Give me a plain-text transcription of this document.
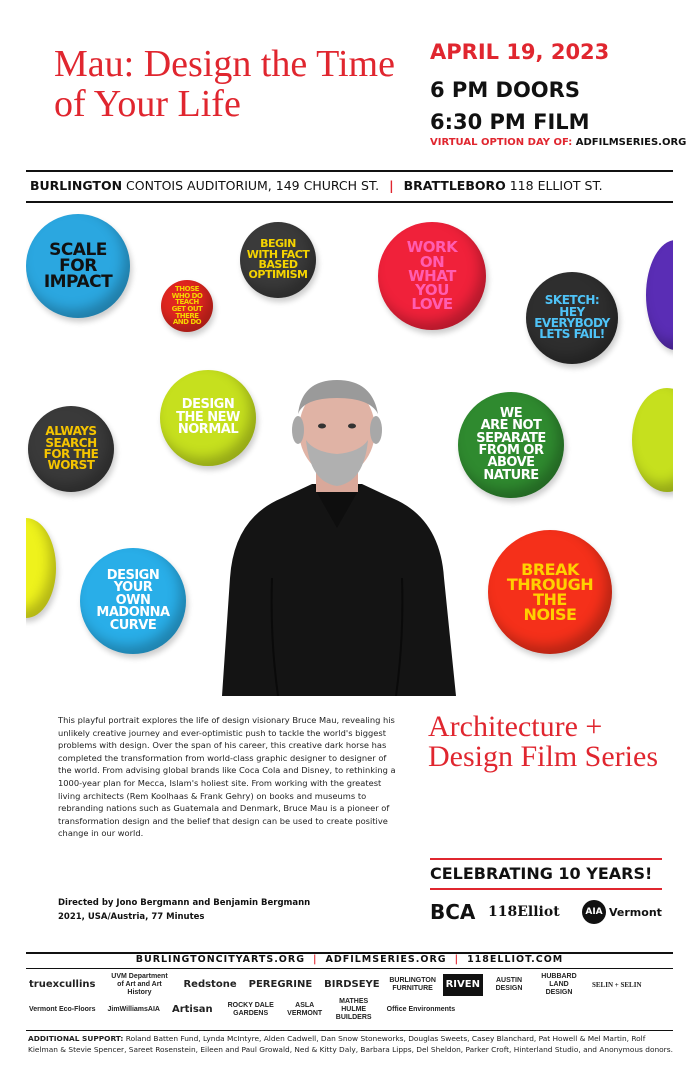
Mau: Design the Time of Your Life
APRIL 19, 2023
6 PM DOORS
6:30 PM FILM
VIRTUAL OPTION DAY OF: ADFILMSERIES.ORG
BURLINGTON CONTOIS AUDITORIUM, 149 CHURCH ST. | BRATTLEBORO 118 ELLIOT ST.
SCALE
FOR
IMPACT	THOSE
WHO DO
TEACH
GET OUT
THERE
AND DO
BEGIN
WITH FACT
BASED
OPTIMISM
WORK
ON
WHAT
YOU
LOVE	SKETCH:
HEY
EVERYBODY
LETS FAIL!
ALWAYS
SEARCH
FOR THE
WORST
DESIGN
THE NEW
NORMAL
WE
ARE NOT
SEPARATE
FROM OR ABOVE
NATURE
DESIGN
YOUR
OWN
MADONNA
CURVE
BREAK
THROUGH
THE
NOISE
This playful portrait explores the life of design visionary Bruce Mau, revealing his unlikely creative journey and ever-optimistic push to tackle the world's biggest problems with design. Over the span of his career, this creative dark horse has completed the transformation from world-class graphic designer to designer of the world. From advising global brands like Coca Cola and Disney, to rethinking a 1000-year plan for Mecca, Islam's holiest site. From working with the greatest living architects (Rem Koolhaas & Frank Gehry) on books and museums to rebranding nations such as Guatemala and Denmark, Bruce Mau is a pioneer of transformation design and the belief that design can be used to create positive change in our world.
Directed by Jono Bergmann and Benjamin Bergmann
2021, USA/Austria, 77 Minutes
Architecture + Design Film Series
CELEBRATING 10 YEARS!
BCA 118Elliot	AIA Vermont
BURLINGTONCITYARTS.ORG | ADFILMSERIES.ORG | 118ELLIOT.COM
truexcullins
UVM Department of Art and Art History
Redstone	PEREGRINE	BIRDSEYE	BURLINGTON FURNITURE	RIVEN	AUSTIN DESIGN
HUBBARD LAND DESIGN
SELIN + SELIN
Vermont Eco-Floors	JimWilliamsAIA	Artisan	ROCKY DALE GARDENS
ASLA VERMONT
MATHES HULME BUILDERS
Office Environments
ADDITIONAL SUPPORT: Roland Batten Fund, Lynda McIntyre, Alden Cadwell, Dan Snow Stoneworks, Douglas Sweets, Casey Blanchard, Pat Howell & Mel Martin, Rolf Kielman & Stevie Spencer, Sareet Rosenstein, Eileen and Paul Growald, Ned & Kitty Daly, Barbara Lipps, Del Sheldon, Parker Croft, Hinterland Studio, and Anonymous donors.
